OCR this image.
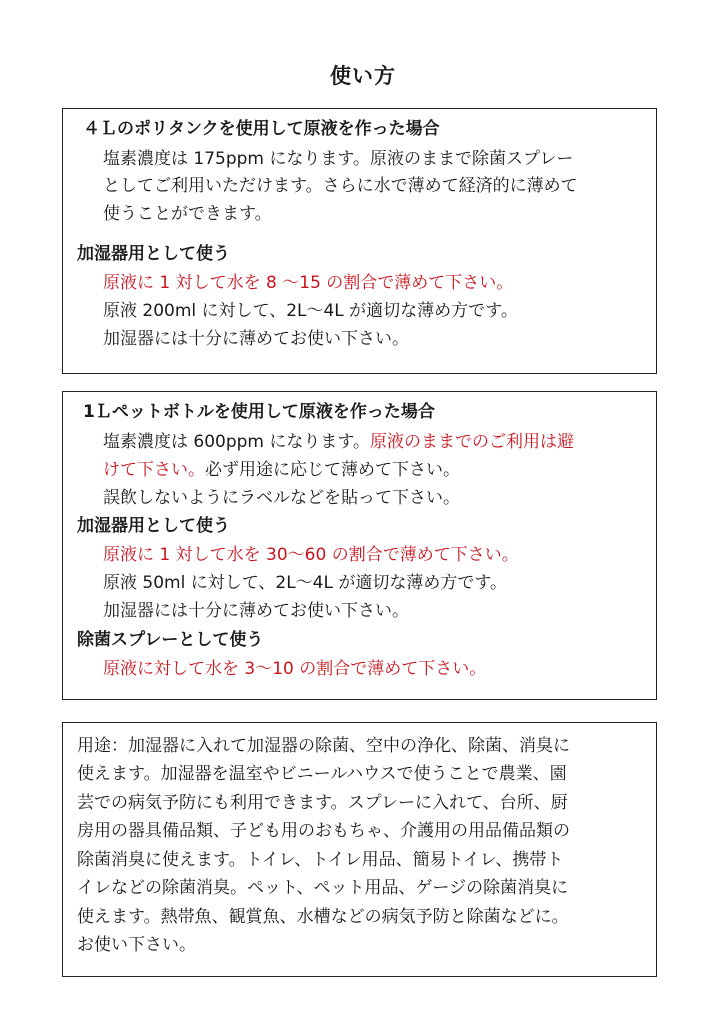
使い方
４Ｌのポリタンクを使用して原液を作った場合
塩素濃度は 175ppm になります。原液のままで除菌スプレー
としてご利用いただけます。さらに水で薄めて経済的に薄めて
使うことができます。
加湿器用として使う
原液に 1 対して水を 8 ～15 の割合で薄めて下さい。
原液 200ml に対して、2L～4L が適切な薄め方です。
加湿器には十分に薄めてお使い下さい。
1Ｌペットボトルを使用して原液を作った場合
塩素濃度は 600ppm になります。原液のままでのご利用は避
けて下さい。必ず用途に応じて薄めて下さい。
誤飲しないようにラベルなどを貼って下さい。
加湿器用として使う
原液に 1 対して水を 30～60 の割合で薄めて下さい。
原液 50ml に対して、2L～4L が適切な薄め方です。
加湿器には十分に薄めてお使い下さい。
除菌スプレーとして使う
原液に対して水を 3～10 の割合で薄めて下さい。
用途：加湿器に入れて加湿器の除菌、空中の浄化、除菌、消臭に
使えます。加湿器を温室やビニールハウスで使うことで農業、園
芸での病気予防にも利用できます。スプレーに入れて、台所、厨
房用の器具備品類、子ども用のおもちゃ、介護用の用品備品類の
除菌消臭に使えます。トイレ、トイレ用品、簡易トイレ、携帯ト
イレなどの除菌消臭。ペット、ペット用品、ゲージの除菌消臭に
使えます。熱帯魚、観賞魚、水槽などの病気予防と除菌などに。
お使い下さい。
